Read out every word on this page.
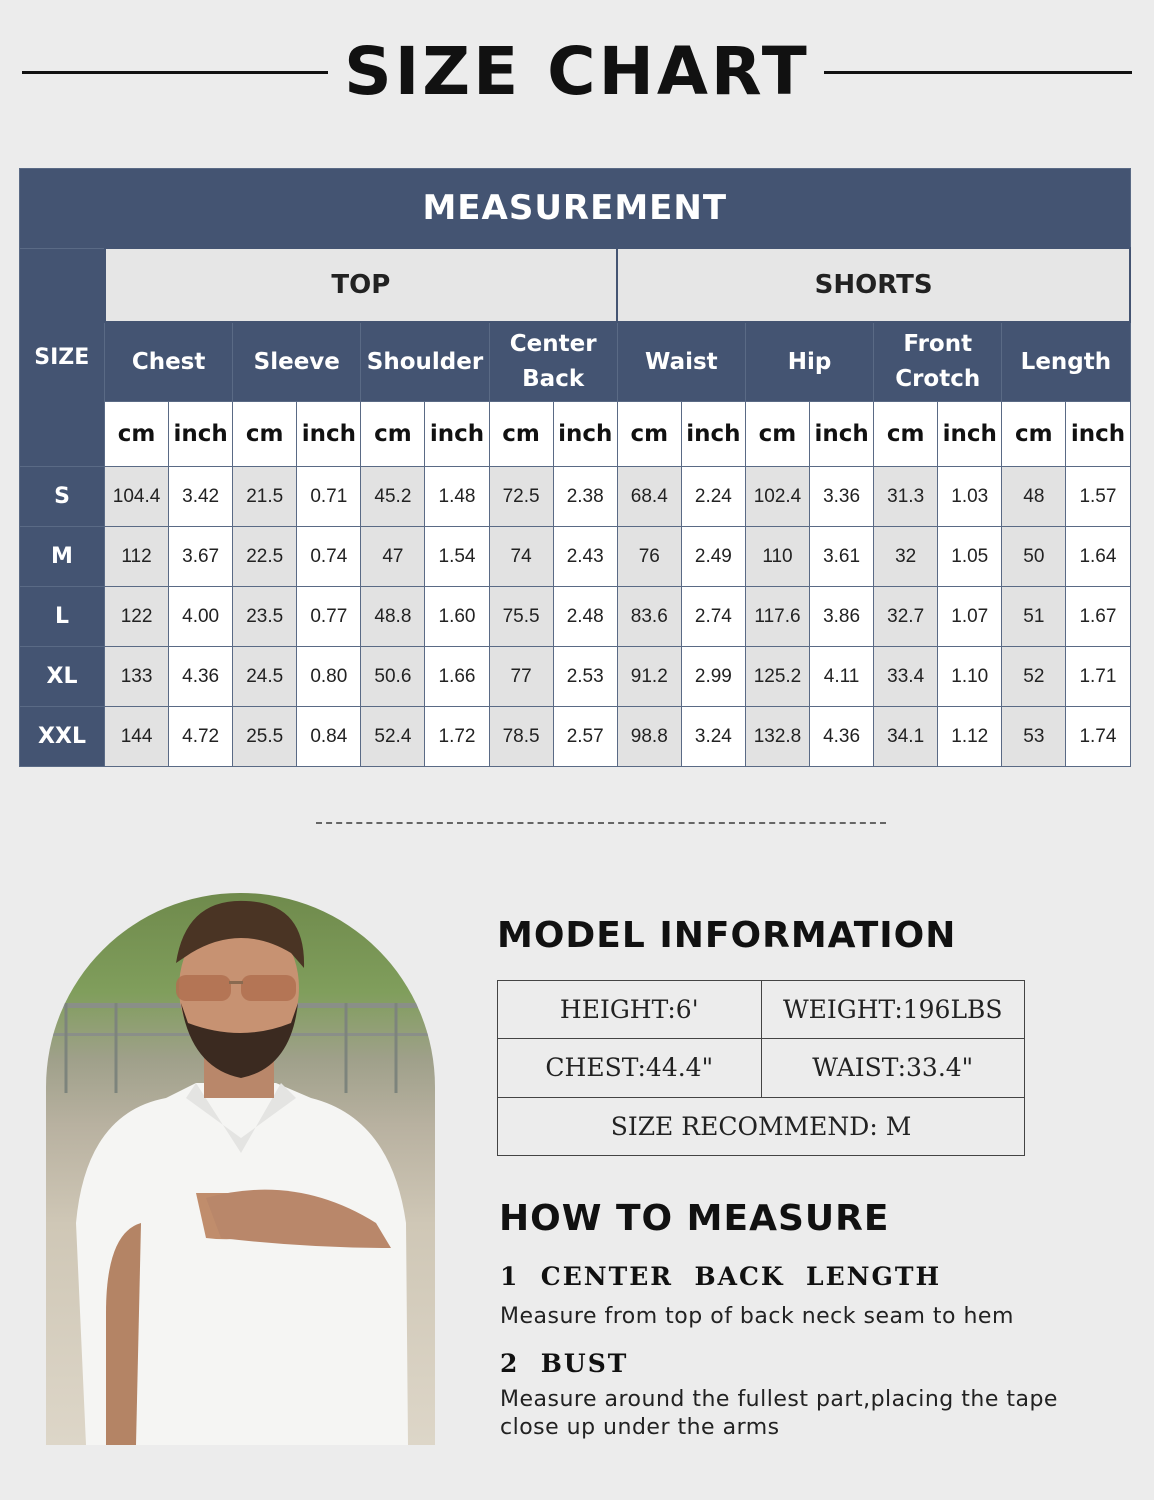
SIZE CHART
MEASUREMENT																
SIZE	TOP								SHORTS							
	Chest		Sleeve		Shoulder		Center Back		Waist		Hip		Front Crotch		Length	
	cm	inch	cm	inch	cm	inch	cm	inch	cm	inch	cm	inch	cm	inch	cm	inch
S	104.4	3.42	21.5	0.71	45.2	1.48	72.5	2.38	68.4	2.24	102.4	3.36	31.3	1.03	48	1.57
M	112	3.67	22.5	0.74	47	1.54	74	2.43	76	2.49	110	3.61	32	1.05	50	1.64
L	122	4.00	23.5	0.77	48.8	1.60	75.5	2.48	83.6	2.74	117.6	3.86	32.7	1.07	51	1.67
XL	133	4.36	24.5	0.80	50.6	1.66	77	2.53	91.2	2.99	125.2	4.11	33.4	1.10	52	1.71
XXL	144	4.72	25.5	0.84	52.4	1.72	78.5	2.57	98.8	3.24	132.8	4.36	34.1	1.12	53	1.74
MODEL INFORMATION
HEIGHT:6'	WEIGHT:196LBS
CHEST:44.4"	WAIST:33.4"
SIZE RECOMMEND: M	
HOW TO MEASURE
1  CENTER  BACK  LENGTH
Measure from top of back neck seam to hem
2  BUST
Measure around the fullest part,placing the tape close up under the arms
